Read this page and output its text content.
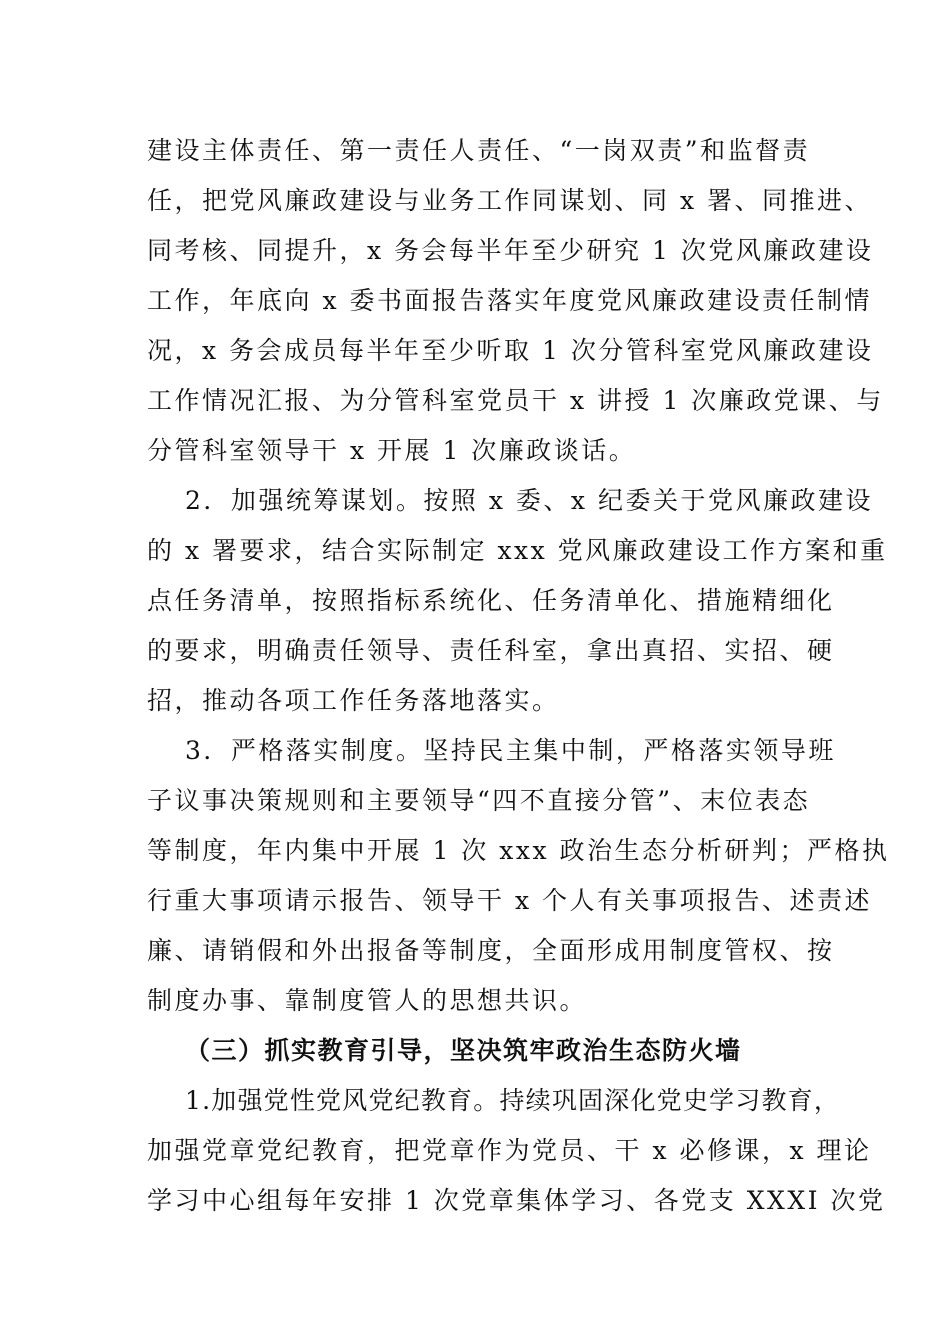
建设主体责任、第一责任人责任、“一岗双责”和监督责
任，把党风廉政建设与业务工作同谋划、同 x 署、同推进、
同考核、同提升，x 务会每半年至少研究 1 次党风廉政建设
工作，年底向 x 委书面报告落实年度党风廉政建设责任制情
况，x 务会成员每半年至少听取 1 次分管科室党风廉政建设
工作情况汇报、为分管科室党员干 x 讲授 1 次廉政党课、与
分管科室领导干 x 开展 1 次廉政谈话。
2．加强统筹谋划。按照 x 委、x 纪委关于党风廉政建设
的 x 署要求，结合实际制定 xxx 党风廉政建设工作方案和重
点任务清单，按照指标系统化、任务清单化、措施精细化
的要求，明确责任领导、责任科室，拿出真招、实招、硬
招，推动各项工作任务落地落实。
3．严格落实制度。坚持民主集中制，严格落实领导班
子议事决策规则和主要领导“四不直接分管”、末位表态
等制度，年内集中开展 1 次 xxx 政治生态分析研判；严格执
行重大事项请示报告、领导干 x 个人有关事项报告、述责述
廉、请销假和外出报备等制度，全面形成用制度管权、按
制度办事、靠制度管人的思想共识。
（三）抓实教育引导，坚决筑牢政治生态防火墙
1.加强党性党风党纪教育。持续巩固深化党史学习教育，
加强党章党纪教育，把党章作为党员、干 x 必修课，x 理论
学习中心组每年安排 1 次党章集体学习、各党支 XXXI 次党
